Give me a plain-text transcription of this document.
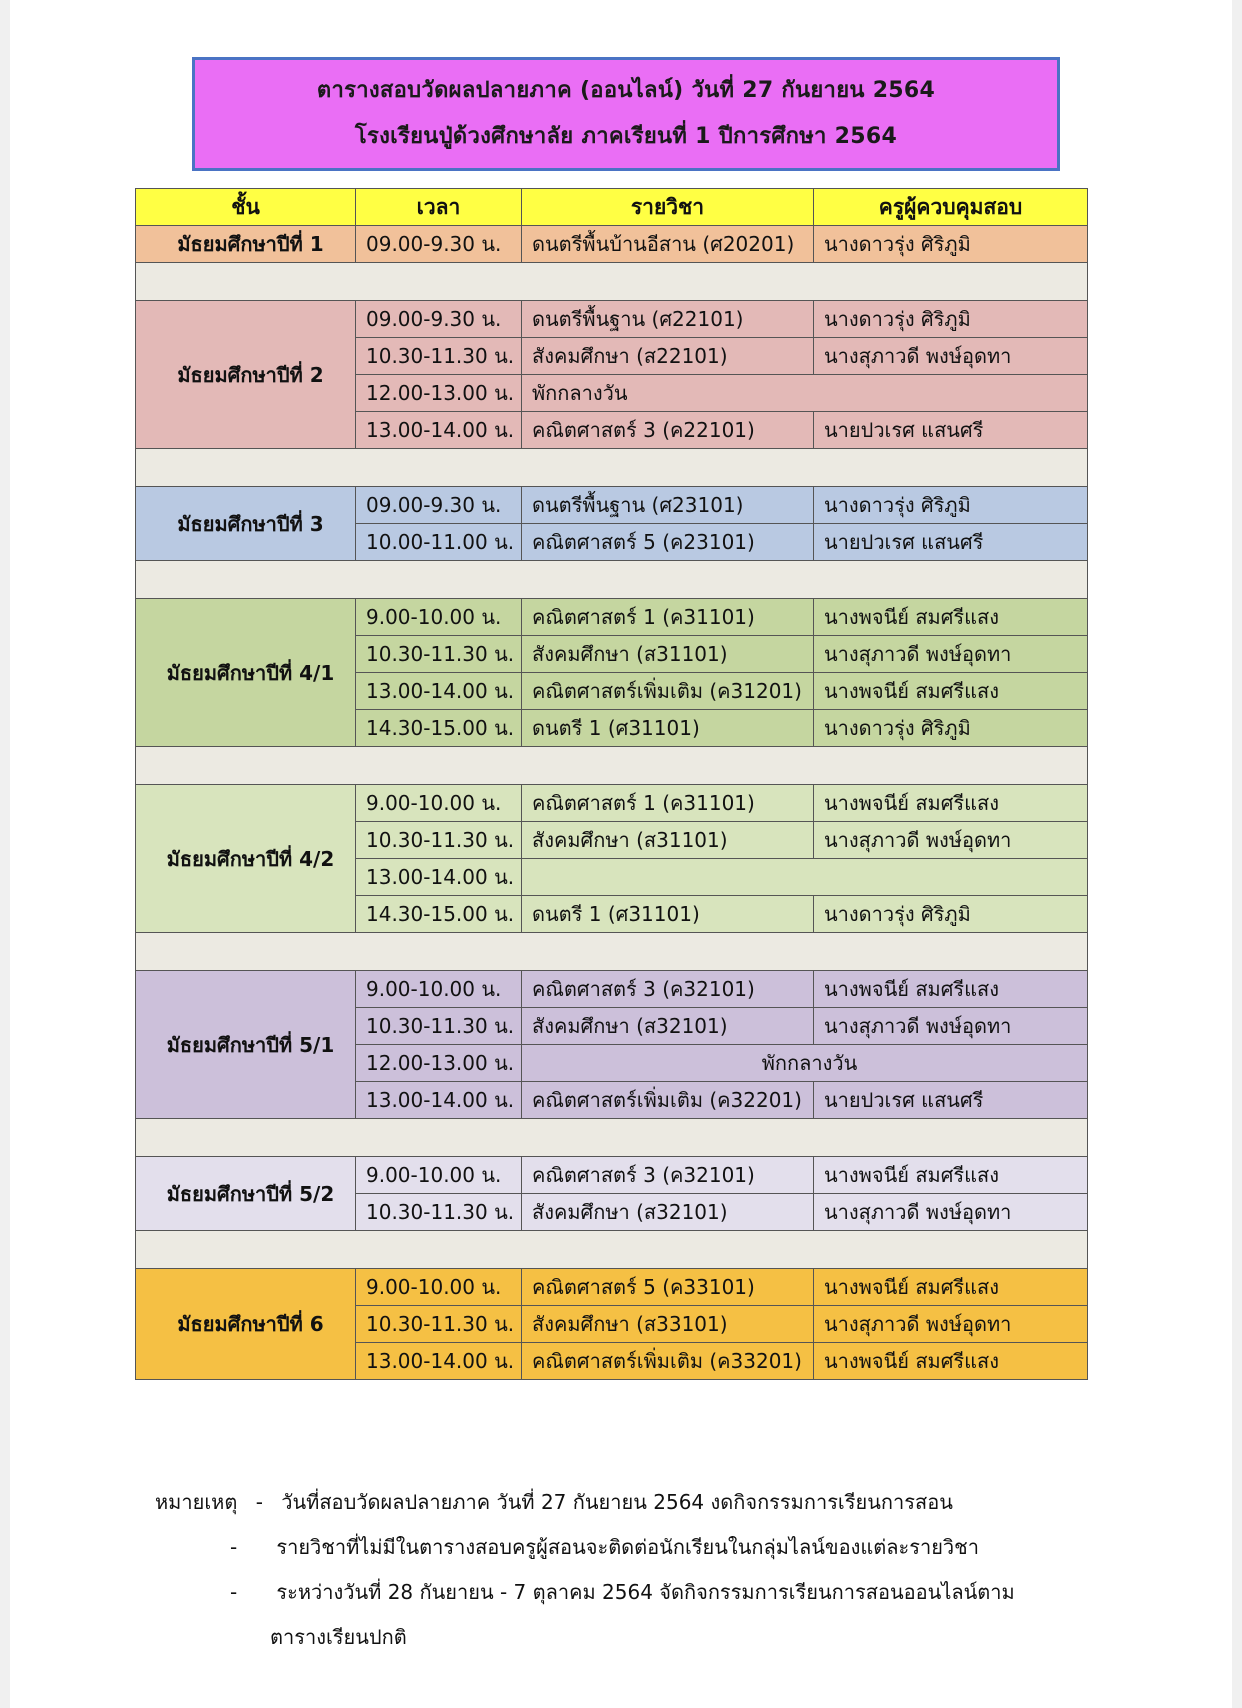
ตารางสอบวัดผลปลายภาค (ออนไลน์) วันที่ 27 กันยายน 2564
โรงเรียนปู่ด้วงศึกษาลัย ภาคเรียนที่ 1 ปีการศึกษา 2564
ชั้น	เวลา	รายวิชา	ครูผู้ควบคุมสอบ
มัธยมศึกษาปีที่ 1	09.00-9.30 น.	ดนตรีพื้นบ้านอีสาน (ศ20201)	นางดาวรุ่ง ศิริภูมิ

มัธยมศึกษาปีที่ 2	09.00-9.30 น.	ดนตรีพื้นฐาน (ศ22101)	นางดาวรุ่ง ศิริภูมิ
	10.30-11.30 น.	สังคมศึกษา (ส22101)	นางสุภาวดี พงษ์อุดทา
	12.00-13.00 น.	พักกลางวัน	
	13.00-14.00 น.	คณิตศาสตร์ 3 (ค22101)	นายปวเรศ แสนศรี

มัธยมศึกษาปีที่ 3	09.00-9.30 น.	ดนตรีพื้นฐาน (ศ23101)	นางดาวรุ่ง ศิริภูมิ
	10.00-11.00 น.	คณิตศาสตร์ 5 (ค23101)	นายปวเรศ แสนศรี

มัธยมศึกษาปีที่ 4/1	9.00-10.00 น.	คณิตศาสตร์ 1 (ค31101)	นางพจนีย์ สมศรีแสง
	10.30-11.30 น.	สังคมศึกษา (ส31101)	นางสุภาวดี พงษ์อุดทา
	13.00-14.00 น.	คณิตศาสตร์เพิ่มเติม (ค31201)	นางพจนีย์ สมศรีแสง
	14.30-15.00 น.	ดนตรี 1 (ศ31101)	นางดาวรุ่ง ศิริภูมิ

มัธยมศึกษาปีที่ 4/2	9.00-10.00 น.	คณิตศาสตร์ 1 (ค31101)	นางพจนีย์ สมศรีแสง
	10.30-11.30 น.	สังคมศึกษา (ส31101)	นางสุภาวดี พงษ์อุดทา
	13.00-14.00 น.		
	14.30-15.00 น.	ดนตรี 1 (ศ31101)	นางดาวรุ่ง ศิริภูมิ

มัธยมศึกษาปีที่ 5/1	9.00-10.00 น.	คณิตศาสตร์ 3 (ค32101)	นางพจนีย์ สมศรีแสง
	10.30-11.30 น.	สังคมศึกษา (ส32101)	นางสุภาวดี พงษ์อุดทา
	12.00-13.00 น.	พักกลางวัน	
	13.00-14.00 น.	คณิตศาสตร์เพิ่มเติม (ค32201)	นายปวเรศ แสนศรี

มัธยมศึกษาปีที่ 5/2	9.00-10.00 น.	คณิตศาสตร์ 3 (ค32101)	นางพจนีย์ สมศรีแสง
	10.30-11.30 น.	สังคมศึกษา (ส32101)	นางสุภาวดี พงษ์อุดทา

มัธยมศึกษาปีที่ 6	9.00-10.00 น.	คณิตศาสตร์ 5 (ค33101)	นางพจนีย์ สมศรีแสง
	10.30-11.30 น.	สังคมศึกษา (ส33101)	นางสุภาวดี พงษ์อุดทา
	13.00-14.00 น.	คณิตศาสตร์เพิ่มเติม (ค33201)	นางพจนีย์ สมศรีแสง
หมายเหตุ - วันที่สอบวัดผลปลายภาค วันที่ 27 กันยายน 2564 งดกิจกรรมการเรียนการสอน
- รายวิชาที่ไม่มีในตารางสอบครูผู้สอนจะติดต่อนักเรียนในกลุ่มไลน์ของแต่ละรายวิชา
- ระหว่างวันที่ 28 กันยายน - 7 ตุลาคม 2564 จัดกิจกรรมการเรียนการสอนออนไลน์ตาม
ตารางเรียนปกติ
